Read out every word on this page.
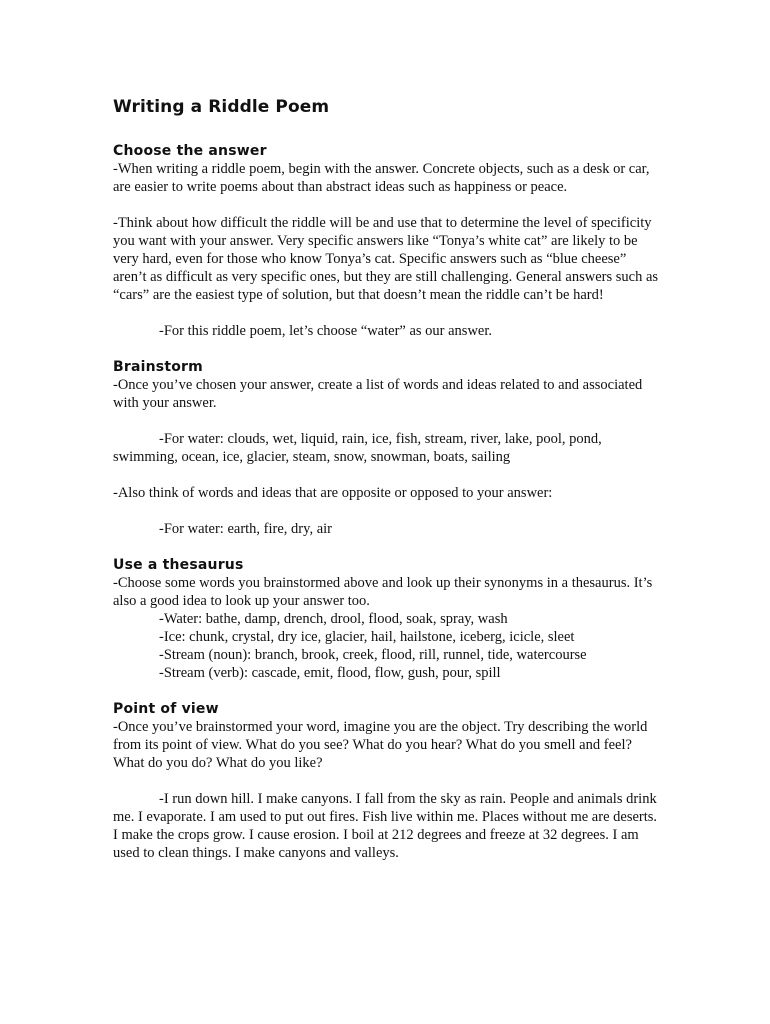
Writing a Riddle Poem
Choose the answer

-When writing a riddle poem, begin with the answer. Concrete objects, such as a desk or car, are easier to write poems about than abstract ideas such as happiness or peace.

-Think about how difficult the riddle will be and use that to determine the level of specificity you want with your answer. Very specific answers like “Tonya’s white cat” are likely to be very hard, even for those who know Tonya’s cat. Specific answers such as “blue cheese” aren’t as difficult as very specific ones, but they are still challenging. General answers such as “cars” are the easiest type of solution, but that doesn’t mean the riddle can’t be hard!

-For this riddle poem, let’s choose “water” as our answer.

Brainstorm

-Once you’ve chosen your answer, create a list of words and ideas related to and associated with your answer.

-For water: clouds, wet, liquid, rain, ice, fish, stream, river, lake, pool, pond, swimming, ocean, ice, glacier, steam, snow, snowman, boats, sailing

-Also think of words and ideas that are opposite or opposed to your answer:

-For water: earth, fire, dry, air

Use a thesaurus

-Choose some words you brainstormed above and look up their synonyms in a thesaurus. It’s also a good idea to look up your answer too.

-Water: bathe, damp, drench, drool, flood, soak, spray, wash

-Ice: chunk, crystal, dry ice, glacier, hail, hailstone, iceberg, icicle, sleet

-Stream (noun): branch, brook, creek, flood, rill, runnel, tide, watercourse

-Stream (verb): cascade, emit, flood, flow, gush, pour, spill

Point of view

-Once you’ve brainstormed your word, imagine you are the object. Try describing the world from its point of view. What do you see? What do you hear? What do you smell and feel? What do you do? What do you like?

-I run down hill. I make canyons. I fall from the sky as rain. People and animals drink me. I evaporate. I am used to put out fires. Fish live within me. Places without me are deserts. I make the crops grow. I cause erosion. I boil at 212 degrees and freeze at 32 degrees. I am used to clean things. I make canyons and valleys.
